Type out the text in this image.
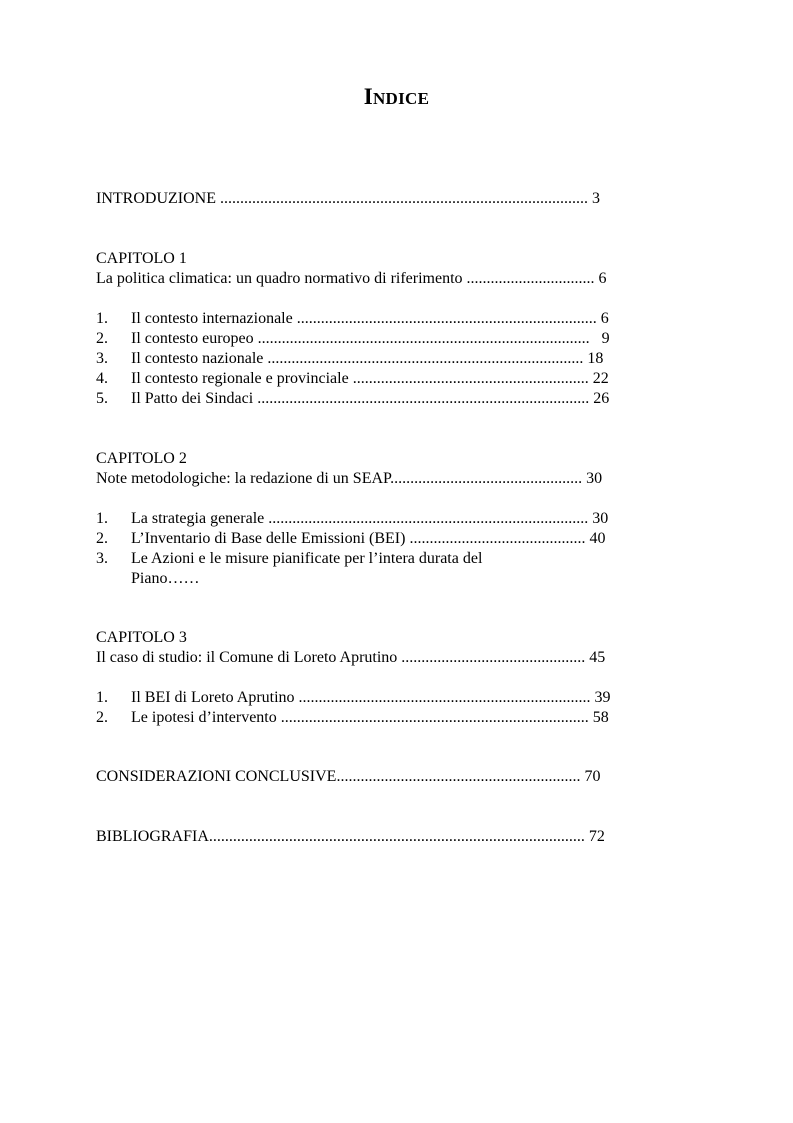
INDICE
INTRODUZIONE ............................................................................................ 3
CAPITOLO 1
La politica climatica: un quadro normativo di riferimento ................................ 6
1. Il contesto internazionale ........................................................................... 6
2. Il contesto europeo ...................................................................................   9
3. Il contesto nazionale ............................................................................... 18
4. Il contesto regionale e provinciale ........................................................... 22
5. Il Patto dei Sindaci ................................................................................... 26
CAPITOLO 2
Note metodologiche: la redazione di un SEAP................................................ 30
1. La strategia generale ................................................................................ 30
2. L’Inventario di Base delle Emissioni (BEI) ............................................ 40
3. Le Azioni e le misure pianificate per l’intera durata del
Piano……
CAPITOLO 3
Il caso di studio: il Comune di Loreto Aprutino .............................................. 45
1. Il BEI di Loreto Aprutino ......................................................................... 39
2. Le ipotesi d’intervento ............................................................................. 58
CONSIDERAZIONI CONCLUSIVE............................................................. 70
BIBLIOGRAFIA.............................................................................................. 72
